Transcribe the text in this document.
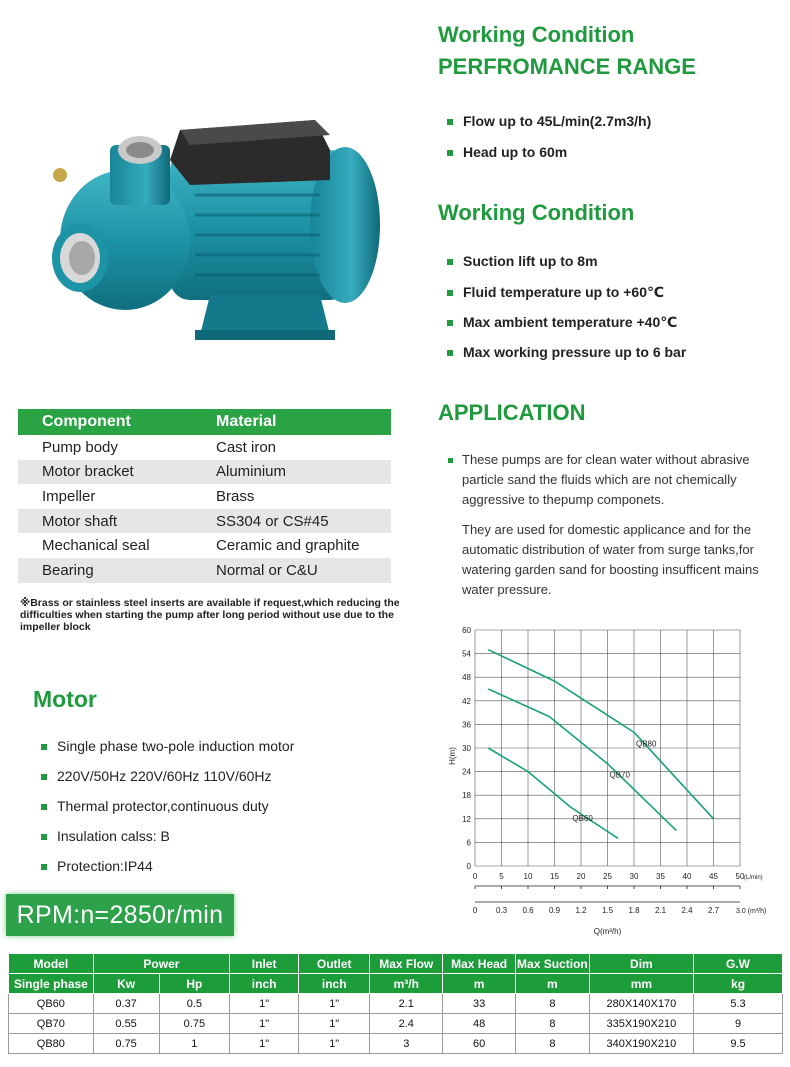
Working Condition
PERFROMANCE RANGE
Flow up to 45L/min(2.7m3/h)
Head up to 60m
Working Condition
Suction lift up to 8m
Fluid temperature up to +60℃
Max ambient temperature +40℃
Max working pressure up to 6 bar
APPLICATION
These pumps are for clean water without abrasive particle sand the fluids which are not chemically aggressive to thepump componets.
They are used for domestic applicance and for the automatic distribution of water from surge tanks,for watering garden sand for boosting insufficent mains water pressure.
Component	Material
Pump body	Cast iron
Motor bracket	Aluminium
Impeller	Brass
Motor shaft	SS304 or CS#45
Mechanical seal	Ceramic and graphite
Bearing	Normal or C&U
※Brass or stainless steel inserts are available if request,which reducing the difficulties when starting the pump after long period without use due to the impeller block
Motor
Single phase two-pole induction motor
220V/50Hz 220V/60Hz 110V/60Hz
Thermal protector,continuous duty
Insulation calss: B
Protection:IP44	0
6
12
18
24
30
36
42
48
54
60
0	5 10 15 20 25 30 35 40 45 50
0 0.3 0.6 0.9 1.2 1.5 1.8 2.1 2.4 2.7
(L/min)
3.0 (m³/h)
Q(m³/h)
H(m)
QB60
QB70
QB80
RPM:n=2850r/min
Model	Power		Inlet	Outlet	Max Flow	Max Head	Max Suction	Dim	G.W
Single phase	Kw	Hp	inch	inch	m³/h	m	m	mm	kg
QB60	0.37	0.5	1"	1"	2.1	33	8	280X140X170	5.3
QB70	0.55	0.75	1"	1"	2.4	48	8	335X190X210	9
QB80	0.75	1	1"	1"	3	60	8	340X190X210	9.5
